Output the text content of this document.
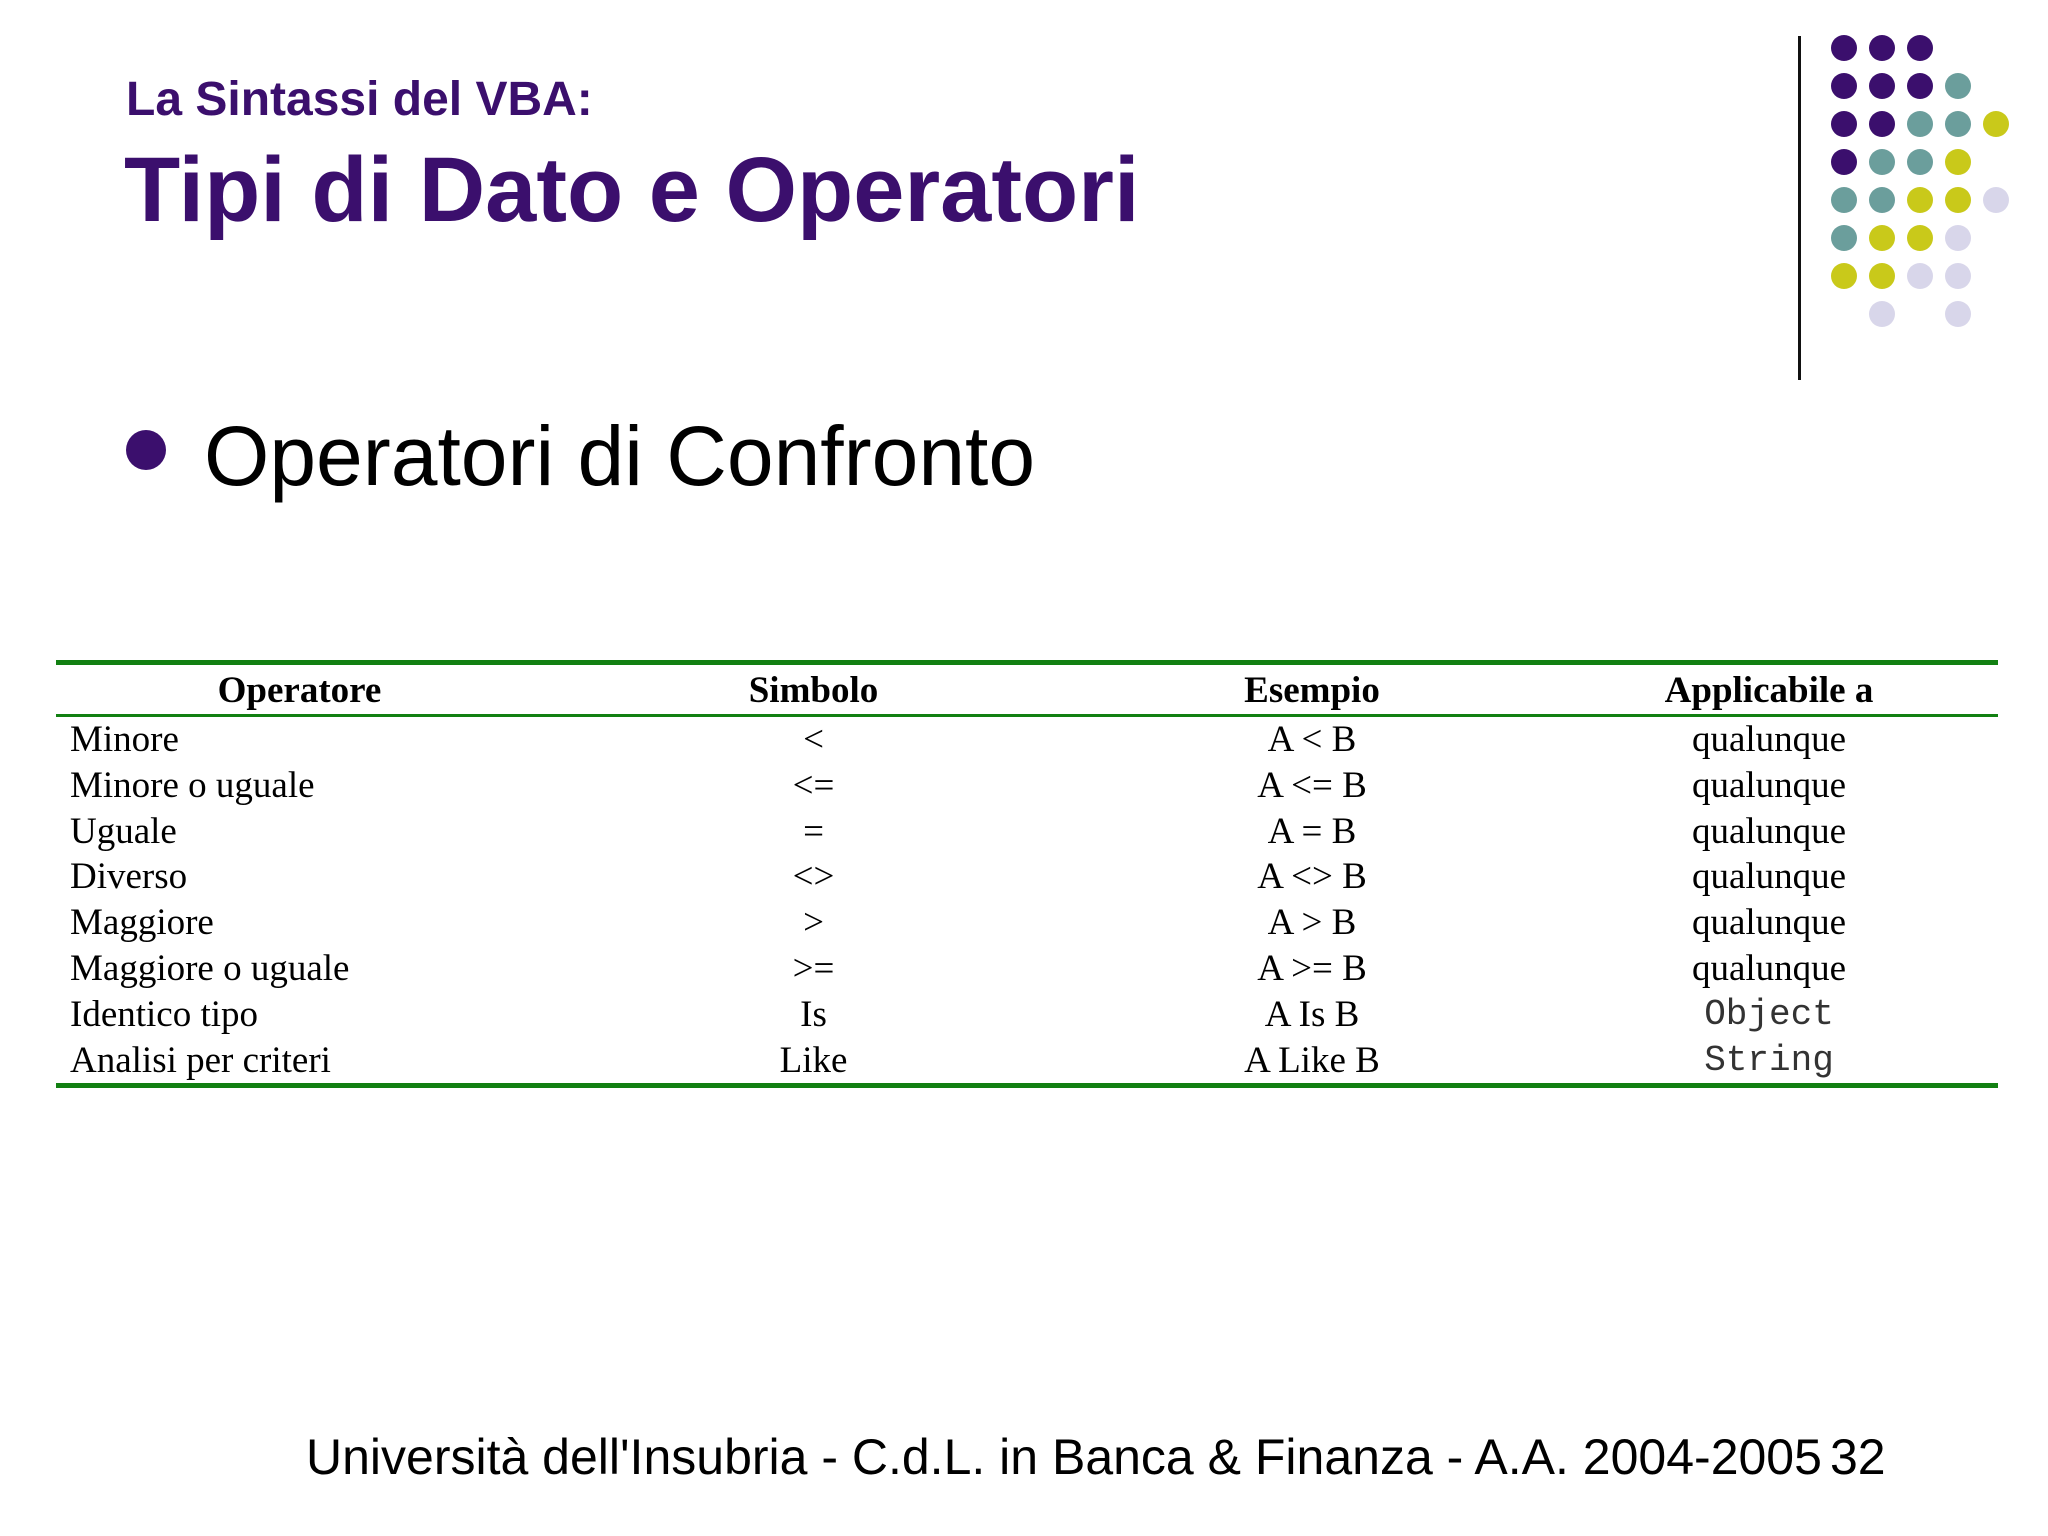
La Sintassi del VBA:
Tipi di Dato e Operatori
Operatori di Confronto
Operatore	Simbolo	Esempio	Applicabile a
Minore	<	A < B	qualunque
Minore o uguale	<=	A <= B	qualunque
Uguale	=	A = B	qualunque
Diverso	<>	A <> B	qualunque
Maggiore	>	A > B	qualunque
Maggiore o uguale	>=	A >= B	qualunque
Identico tipo	Is	A Is B	Object
Analisi per criteri	Like	A Like B	String
Università dell'Insubria - C.d.L. in Banca & Finanza - A.A. 2004-2005 32
